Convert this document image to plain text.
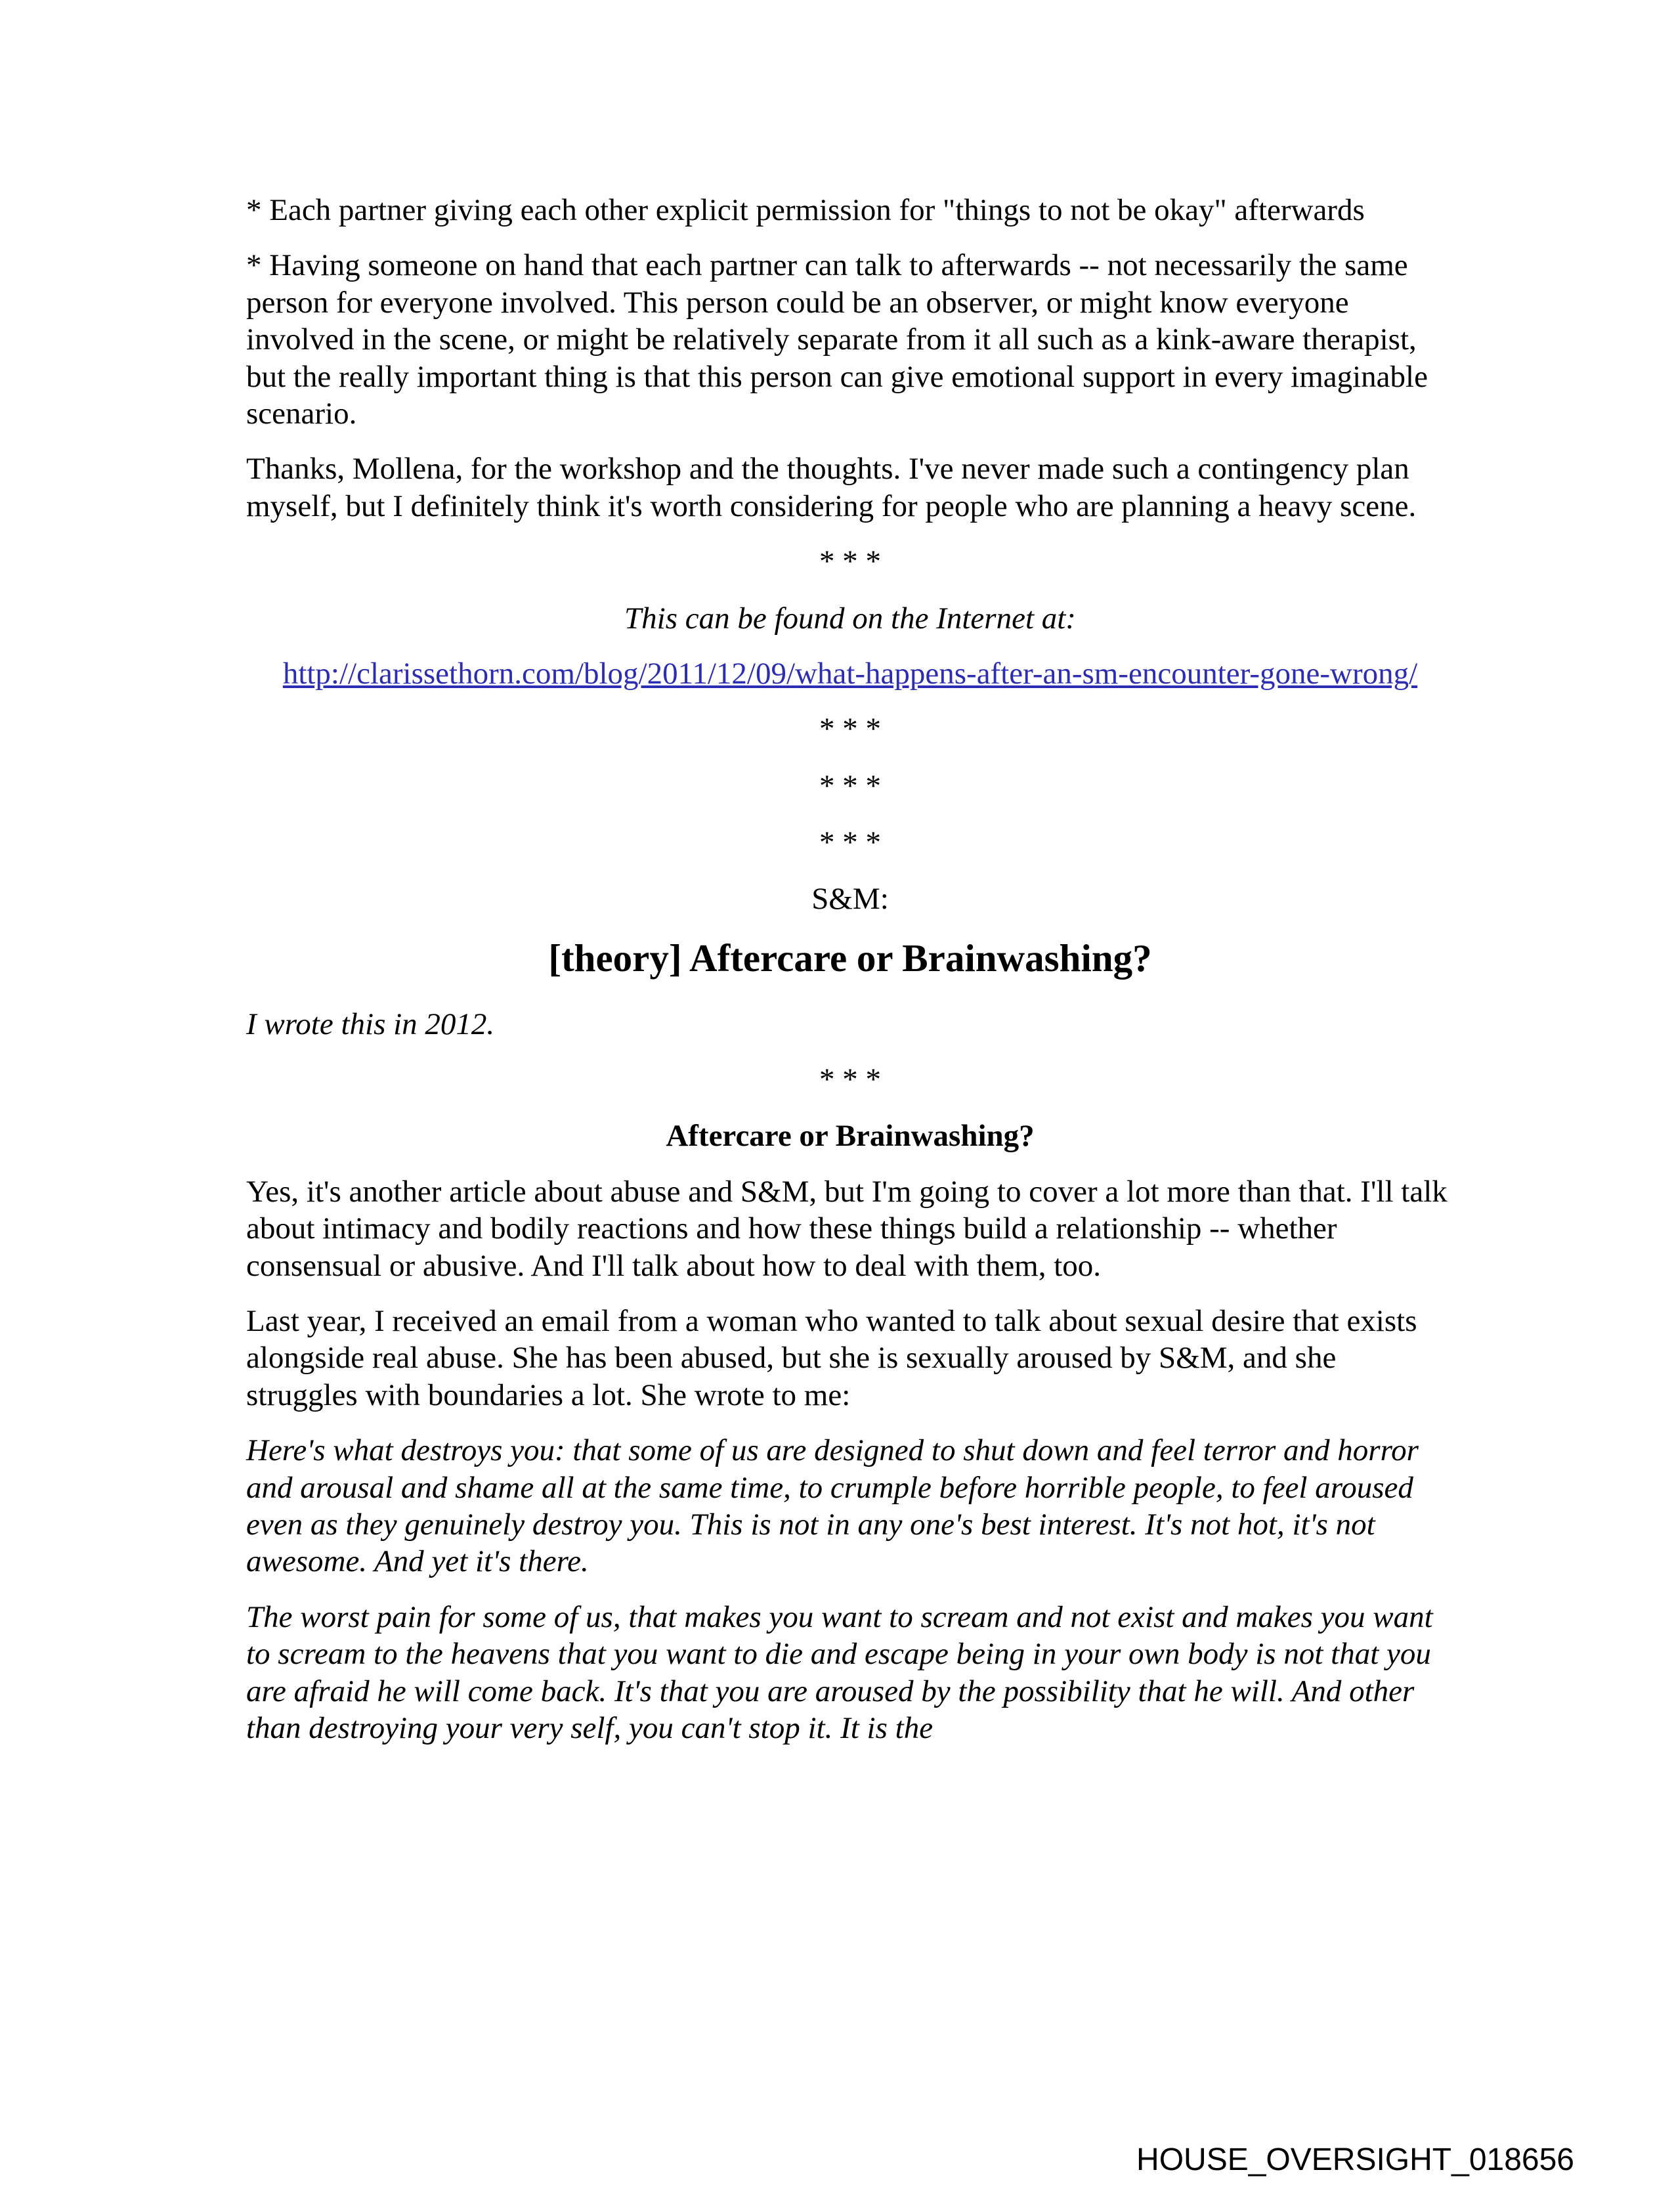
* Each partner giving each other explicit permission for "things to not be okay" afterwards

* Having someone on hand that each partner can talk to afterwards -- not necessarily the same person for everyone involved. This person could be an observer, or might know everyone involved in the scene, or might be relatively separate from it all such as a kink-aware therapist, but the really important thing is that this person can give emotional support in every imaginable scenario.

Thanks, Mollena, for the workshop and the thoughts. I've never made such a contingency plan myself, but I definitely think it's worth considering for people who are planning a heavy scene.

* * *

This can be found on the Internet at:

http://clarissethorn.com/blog/2011/12/09/what-happens-after-an-sm-encounter-gone-wrong/

* * *

* * *

* * *

S&M:

[theory] Aftercare or Brainwashing?

I wrote this in 2012.

* * *

Aftercare or Brainwashing?

Yes, it's another article about abuse and S&M, but I'm going to cover a lot more than that. I'll talk about intimacy and bodily reactions and how these things build a relationship -- whether consensual or abusive. And I'll talk about how to deal with them, too.

Last year, I received an email from a woman who wanted to talk about sexual desire that exists alongside real abuse. She has been abused, but she is sexually aroused by S&M, and she struggles with boundaries a lot. She wrote to me:

Here's what destroys you: that some of us are designed to shut down and feel terror and horror and arousal and shame all at the same time, to crumple before horrible people, to feel aroused even as they genuinely destroy you. This is not in any one's best interest. It's not hot, it's not awesome. And yet it's there.

The worst pain for some of us, that makes you want to scream and not exist and makes you want to scream to the heavens that you want to die and escape being in your own body is not that you are afraid he will come back. It's that you are aroused by the possibility that he will. And other than destroying your very self, you can't stop it. It is the

HOUSE_OVERSIGHT_018656
